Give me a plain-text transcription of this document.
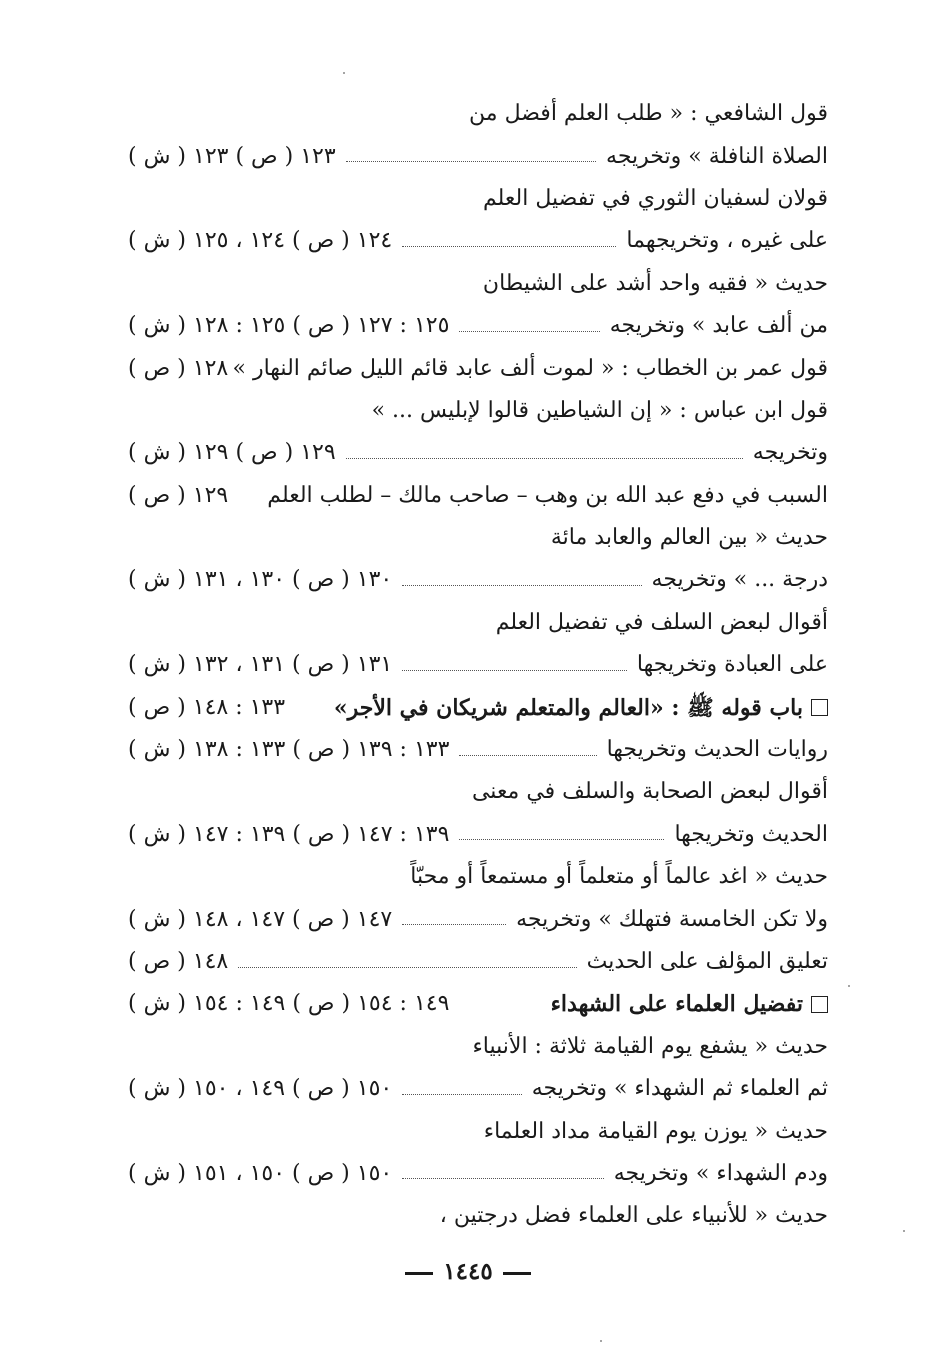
قول الشافعي : « طلب العلم أفضل من
الصلاة النافلة » وتخريجه
١٢٣ ( ص ) ١٢٣ ( ش )
قولان لسفيان الثوري في تفضيل العلم
على غيره ، وتخريجهما
١٢٤ ( ص ) ١٢٤ ، ١٢٥ ( ش )
حديث « فقيه واحد أشد على الشيطان
من ألف عابد » وتخريجه
١٢٥ : ١٢٧ ( ص ) ١٢٥ : ١٢٨ ( ش )
قول عمر بن الخطاب : « لموت ألف عابد قائم الليل صائم النهار »
١٢٨ ( ص )
قول ابن عباس : « إن الشياطين قالوا لإبليس ... »
وتخريجه
١٢٩ ( ص ) ١٢٩ ( ش )
السبب في دفع عبد الله بن وهب – صاحب مالك – لطلب العلم
١٢٩ ( ص )
حديث « بين العالم والعابد مائة
درجة ... » وتخريجه
١٣٠ ( ص ) ١٣٠ ، ١٣١ ( ش )
أقوال لبعض السلف في تفضيل العلم
على العبادة وتخريجها
١٣١ ( ص ) ١٣١ ، ١٣٢ ( ش )
باب قوله ﷺ : «العالم والمتعلم شريكان في الأجر»
١٣٣ : ١٤٨ ( ص )
روايات الحديث وتخريجها
١٣٣ : ١٣٩ ( ص ) ١٣٣ : ١٣٨ ( ش )
أقوال لبعض الصحابة والسلف في معنى
الحديث وتخريجها
١٣٩ : ١٤٧ ( ص ) ١٣٩ : ١٤٧ ( ش )
حديث « اغد عالماً أو متعلماً أو مستمعاً أو محبّاً
ولا تكن الخامسة فتهلك » وتخريجه
١٤٧ ( ص ) ١٤٧ ، ١٤٨ ( ش )
تعليق المؤلف على الحديث
١٤٨ ( ص )
تفضيل العلماء على الشهداء
١٤٩ : ١٥٤ ( ص ) ١٤٩ : ١٥٤ ( ش )
حديث « يشفع يوم القيامة ثلاثة : الأنبياء
ثم العلماء ثم الشهداء » وتخريجه
١٥٠ ( ص ) ١٤٩ ، ١٥٠ ( ش )
حديث « يوزن يوم القيامة مداد العلماء
ودم الشهداء » وتخريجه
١٥٠ ( ص ) ١٥٠ ، ١٥١ ( ش )
حديث « للأنبياء على العلماء فضل درجتين ،
١٤٤٥
